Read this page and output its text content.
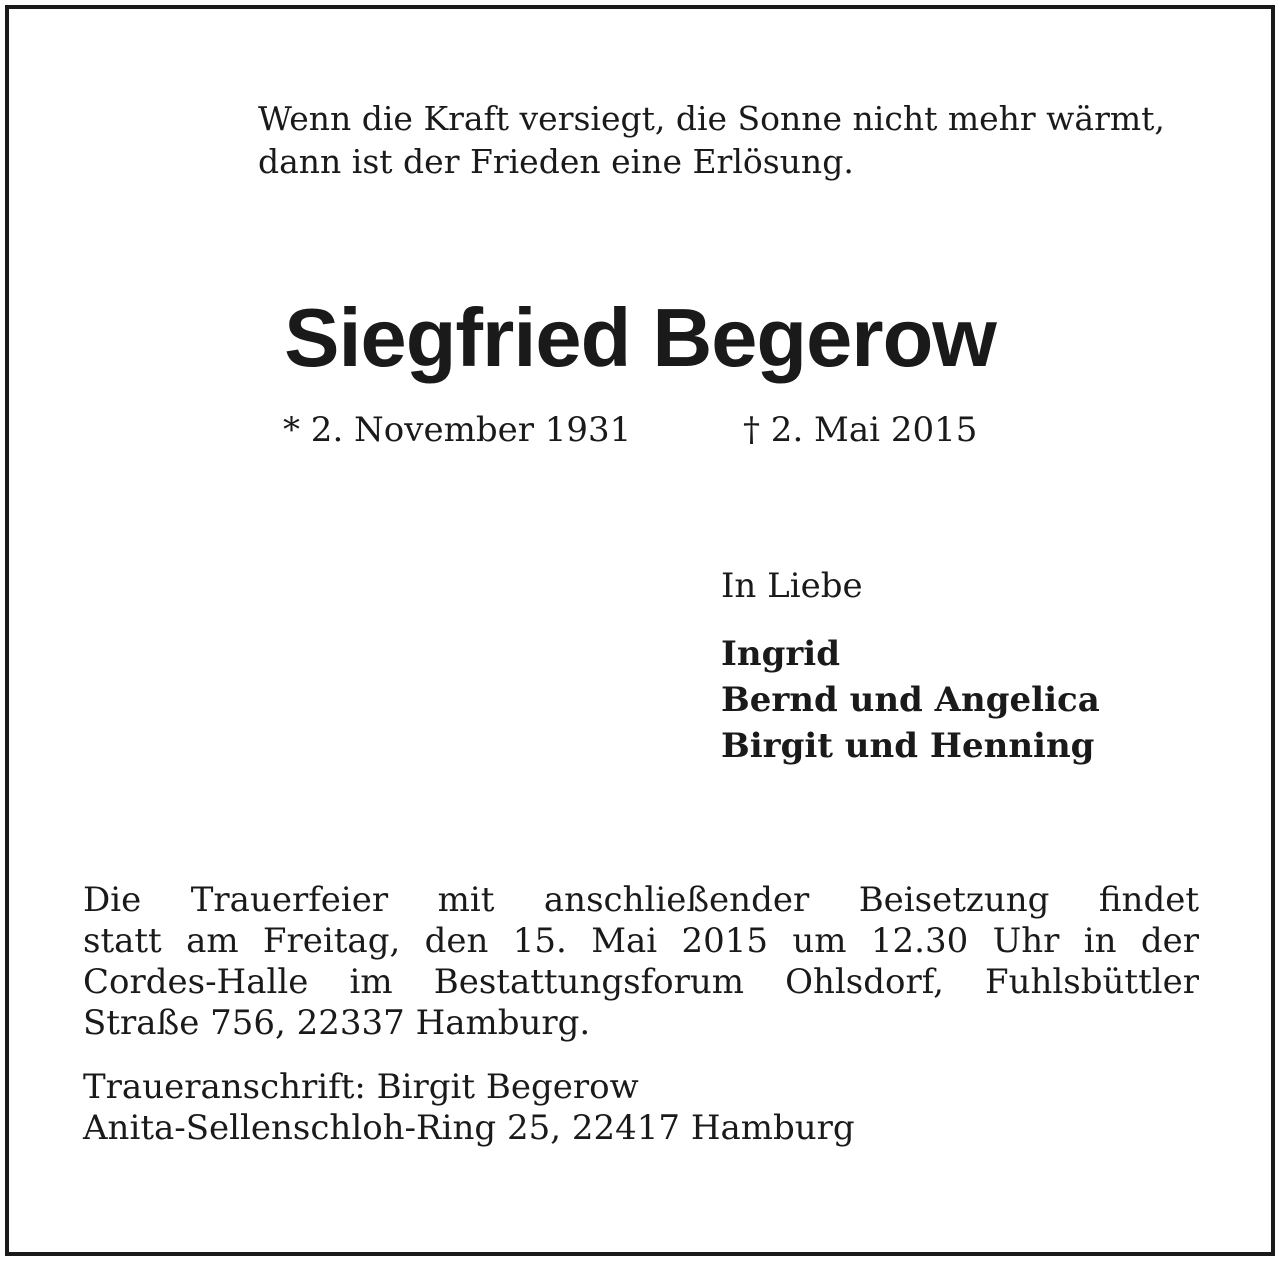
Wenn die Kraft versiegt, die Sonne nicht mehr wärmt,
dann ist der Frieden eine Erlösung.
Siegfried Begerow
* 2. November 1931	† 2. Mai 2015
In Liebe
Ingrid
Bernd und Angelica
Birgit und Henning
Die Trauerfeier mit anschließender Beisetzung findet
statt am Freitag, den 15. Mai 2015 um 12.30 Uhr in der
Cordes-Halle im Bestattungsforum Ohlsdorf, Fuhlsbüttler
Straße 756, 22337 Hamburg.
Traueranschrift: Birgit Begerow
Anita-Sellenschloh-Ring 25, 22417 Hamburg
